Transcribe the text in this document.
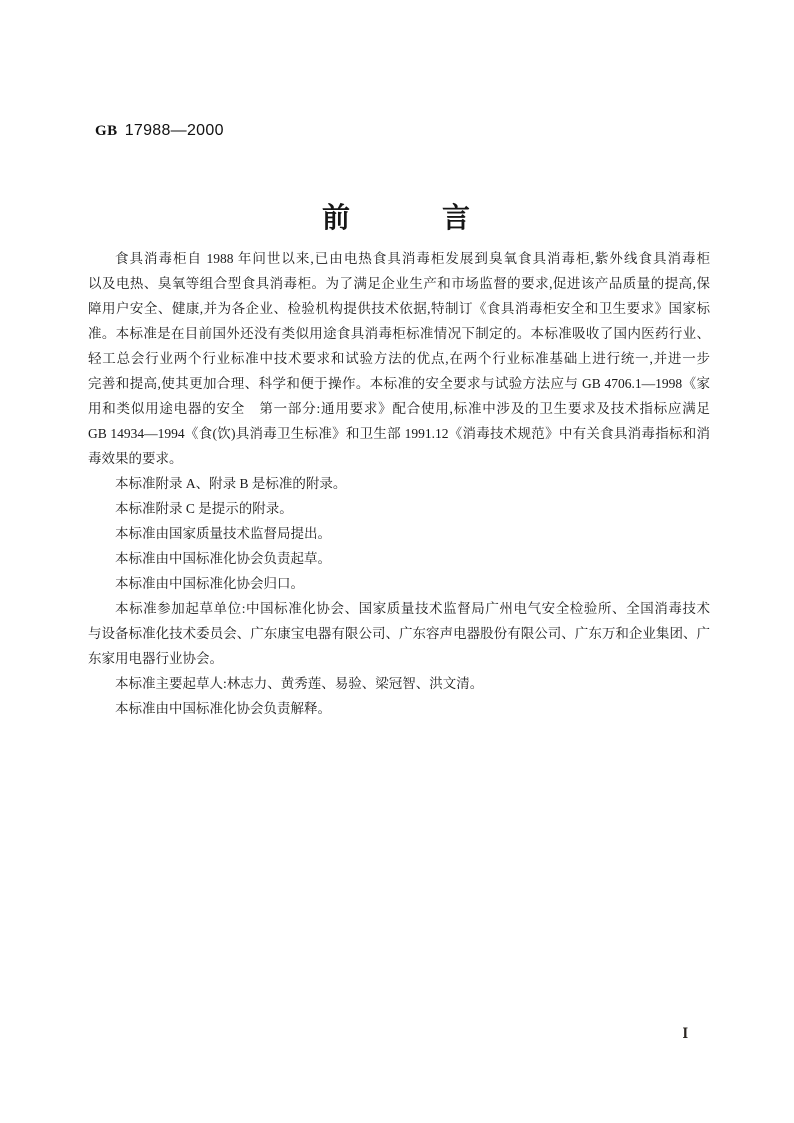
GB 17988—2000
前　　　言
食具消毒柜自 1988 年问世以来,已由电热食具消毒柜发展到臭氧食具消毒柜,紫外线食具消毒柜
以及电热、臭氧等组合型食具消毒柜。为了满足企业生产和市场监督的要求,促进该产品质量的提高,保
障用户安全、健康,并为各企业、检验机构提供技术依据,特制订《食具消毒柜安全和卫生要求》国家标
准。本标准是在目前国外还没有类似用途食具消毒柜标准情况下制定的。本标准吸收了国内医药行业、
轻工总会行业两个行业标准中技术要求和试验方法的优点,在两个行业标准基础上进行统一,并进一步
完善和提高,使其更加合理、科学和便于操作。本标准的安全要求与试验方法应与 GB 4706.1—1998《家
用和类似用途电器的安全　第一部分:通用要求》配合使用,标准中涉及的卫生要求及技术指标应满足
GB 14934—1994《食(饮)具消毒卫生标准》和卫生部 1991.12《消毒技术规范》中有关食具消毒指标和消
毒效果的要求。
本标准附录 A、附录 B 是标准的附录。
本标准附录 C 是提示的附录。
本标准由国家质量技术监督局提出。
本标准由中国标准化协会负责起草。
本标准由中国标准化协会归口。
本标准参加起草单位:中国标准化协会、国家质量技术监督局广州电气安全检验所、全国消毒技术
与设备标准化技术委员会、广东康宝电器有限公司、广东容声电器股份有限公司、广东万和企业集团、广
东家用电器行业协会。
本标准主要起草人:林志力、黄秀莲、易验、梁冠智、洪文清。
本标准由中国标准化协会负责解释。
Ⅰ
